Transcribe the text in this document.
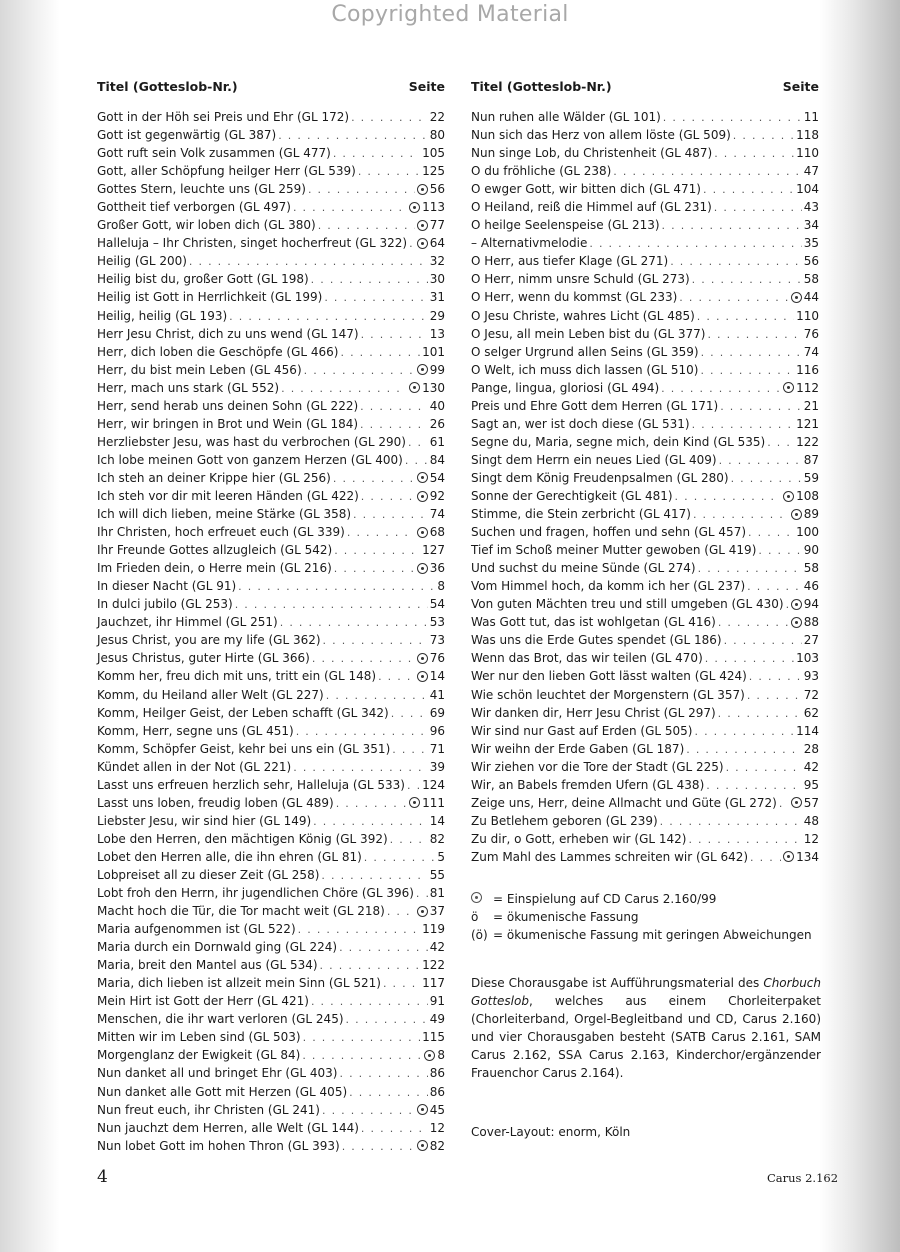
Copyrighted Material
Titel (Gotteslob-Nr.)	Seite
Gott in der Höh sei Preis und Ehr (GL 172) . . .	22
Gott ist gegenwärtig (GL 387) . . .	80
Gott ruft sein Volk zusammen (GL 477) . . .	105
Gott, aller Schöpfung heilger Herr (GL 539) . . .	125
Gottes Stern, leuchte uns (GL 259) . . .	56
Gottheit tief verborgen (GL 497) . . .	113
Großer Gott, wir loben dich (GL 380) . . .	77
Halleluja – Ihr Christen, singet hocherfreut (GL 322) . . . 64
Heilig (GL 200) . . .	32
Heilig bist du, großer Gott (GL 198) . . .	30
Heilig ist Gott in Herrlichkeit (GL 199) . . .	31
Heilig, heilig (GL 193) . . .	29
Herr Jesu Christ, dich zu uns wend (GL 147) . . .	13
Herr, dich loben die Geschöpfe (GL 466) . . .	101
Herr, du bist mein Leben (GL 456) . . .	99
Herr, mach uns stark (GL 552) . . .	130
Herr, send herab uns deinen Sohn (GL 222) . . .	40
Herr, wir bringen in Brot und Wein (GL 184) . . .	26
Herzliebster Jesu, was hast du verbrochen (GL 290) . . . 61
Ich lobe meinen Gott von ganzem Herzen (GL 400) . . . 84
Ich steh an deiner Krippe hier (GL 256) . . .	54
Ich steh vor dir mit leeren Händen (GL 422) . . .	92
Ich will dich lieben, meine Stärke (GL 358) . . .	74
Ihr Christen, hoch erfreuet euch (GL 339) . . .	68
Ihr Freunde Gottes allzugleich (GL 542) . . .	127
Im Frieden dein, o Herre mein (GL 216) . . .	36
In dieser Nacht (GL 91) . . .	8
In dulci jubilo (GL 253) . . .	54
Jauchzet, ihr Himmel (GL 251) . . .	53
Jesus Christ, you are my life (GL 362) . . .	73
Jesus Christus, guter Hirte (GL 366) . . .	76
Komm her, freu dich mit uns, tritt ein (GL 148) . . .	14
Komm, du Heiland aller Welt (GL 227) . . .	41
Komm, Heilger Geist, der Leben schafft (GL 342) . . .	69
Komm, Herr, segne uns (GL 451) . . .	96
Komm, Schöpfer Geist, kehr bei uns ein (GL 351) . . .	71
Kündet allen in der Not (GL 221) . . .	39
Lasst uns erfreuen herzlich sehr, Halleluja (GL 533) . . . 124
Lasst uns loben, freudig loben (GL 489) . . .	111
Liebster Jesu, wir sind hier (GL 149) . . .	14
Lobe den Herren, den mächtigen König (GL 392) . . .	82
Lobet den Herren alle, die ihn ehren (GL 81) . . .	5
Lobpreiset all zu dieser Zeit (GL 258) . . .	55
Lobt froh den Herrn, ihr jugendlichen Chöre (GL 396) . . . 81
Macht hoch die Tür, die Tor macht weit (GL 218) . . .	37
Maria aufgenommen ist (GL 522) . . .	119
Maria durch ein Dornwald ging (GL 224) . . .	42
Maria, breit den Mantel aus (GL 534) . . .	122
Maria, dich lieben ist allzeit mein Sinn (GL 521) . . .	117
Mein Hirt ist Gott der Herr (GL 421) . . .	91
Menschen, die ihr wart verloren (GL 245) . . .	49
Mitten wir im Leben sind (GL 503) . . .	115
Morgenglanz der Ewigkeit (GL 84) . . .	8
Nun danket all und bringet Ehr (GL 403) . . .	86
Nun danket alle Gott mit Herzen (GL 405) . . .	86
Nun freut euch, ihr Christen (GL 241) . . .	45
Nun jauchzt dem Herren, alle Welt (GL 144) . . .	12
Nun lobet Gott im hohen Thron (GL 393) . . .	82
Titel (Gotteslob-Nr.)	Seite
Nun ruhen alle Wälder (GL 101) . . .	11
Nun sich das Herz von allem löste (GL 509) . . .	118
Nun singe Lob, du Christenheit (GL 487) . . .	110
O du fröhliche (GL 238) . . .	47
O ewger Gott, wir bitten dich (GL 471) . . .	104
O Heiland, reiß die Himmel auf (GL 231) . . .	43
O heilge Seelenspeise (GL 213) . . .	34
– Alternativmelodie . . .	35
O Herr, aus tiefer Klage (GL 271) . . .	56
O Herr, nimm unsre Schuld (GL 273) . . .	58
O Herr, wenn du kommst (GL 233) . . .	44
O Jesu Christe, wahres Licht (GL 485) . . .	110
O Jesu, all mein Leben bist du (GL 377) . . .	76
O selger Urgrund allen Seins (GL 359) . . .	74
O Welt, ich muss dich lassen (GL 510) . . .	116
Pange, lingua, gloriosi (GL 494) . . .	112
Preis und Ehre Gott dem Herren (GL 171) . . .	21
Sagt an, wer ist doch diese (GL 531) . . .	121
Segne du, Maria, segne mich, dein Kind (GL 535) . . .	122
Singt dem Herrn ein neues Lied (GL 409) . . .	87
Singt dem König Freudenpsalmen (GL 280) . . .	59
Sonne der Gerechtigkeit (GL 481) . . .	108
Stimme, die Stein zerbricht (GL 417) . . .	89
Suchen und fragen, hoffen und sehn (GL 457) . . .	100
Tief im Schoß meiner Mutter gewoben (GL 419) . . .	90
Und suchst du meine Sünde (GL 274) . . .	58
Vom Himmel hoch, da komm ich her (GL 237) . . .	46
Von guten Mächten treu und still umgeben (GL 430) . . . 94
Was Gott tut, das ist wohlgetan (GL 416) . . .	88
Was uns die Erde Gutes spendet (GL 186) . . .	27
Wenn das Brot, das wir teilen (GL 470) . . .	103
Wer nur den lieben Gott lässt walten (GL 424) . . .	93
Wie schön leuchtet der Morgenstern (GL 357) . . .	72
Wir danken dir, Herr Jesu Christ (GL 297) . . .	62
Wir sind nur Gast auf Erden (GL 505) . . .	114
Wir weihn der Erde Gaben (GL 187) . . .	28
Wir ziehen vor die Tore der Stadt (GL 225) . . .	42
Wir, an Babels fremden Ufern (GL 438) . . .	95
Zeige uns, Herr, deine Allmacht und Güte (GL 272) . . . 57
Zu Betlehem geboren (GL 239) . . .	48
Zu dir, o Gott, erheben wir (GL 142) . . .	12
Zum Mahl des Lammes schreiten wir (GL 642) . . .	134
= Einspielung auf CD Carus 2.160/99
ö	= ökumenische Fassung
(ö) = ökumenische Fassung mit geringen Abweichungen
Diese Chorausgabe ist Aufführungsmaterial des Chorbuch Gotteslob, welches aus einem Chorleiterpaket (Chorleiterband, Orgel-Begleitband und CD, Carus 2.160) und vier Chorausgaben besteht (SATB Carus 2.161, SAM Carus 2.162, SSA Carus 2.163, Kinderchor/ergänzender Frauenchor Carus 2.164).
Cover-Layout: enorm, Köln
4	Carus 2.162
